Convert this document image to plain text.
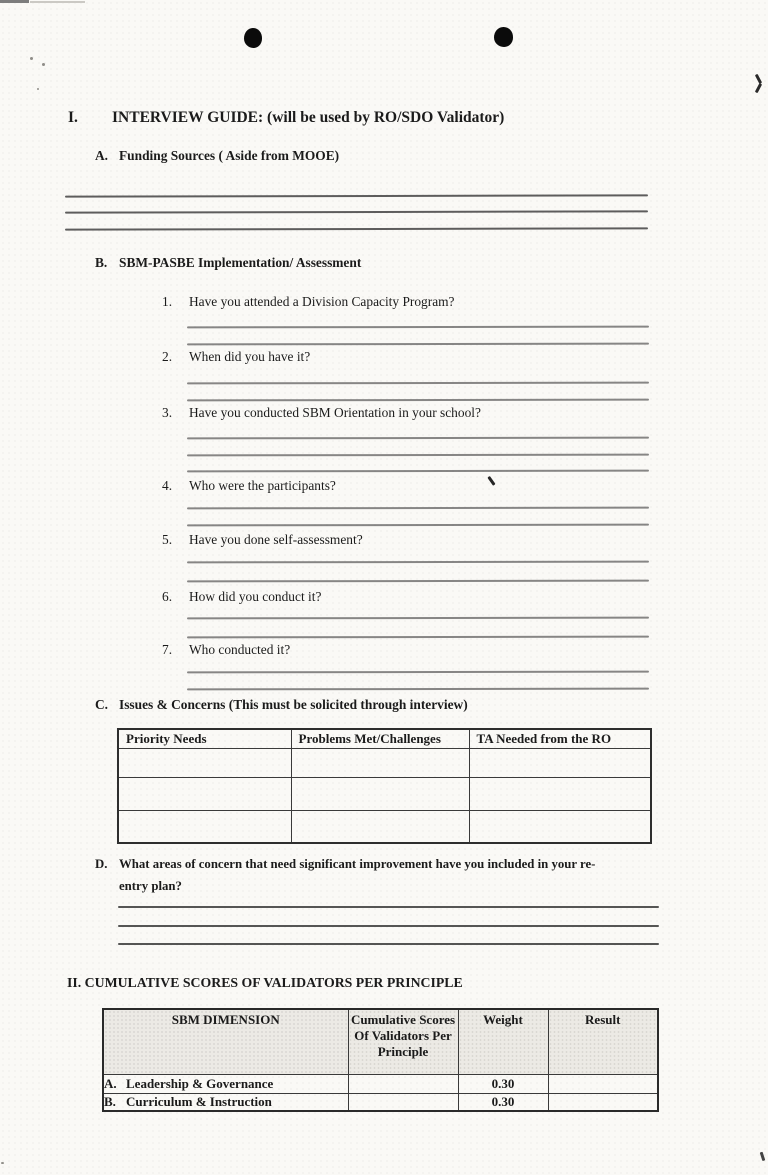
I. INTERVIEW GUIDE: (will be used by RO/SDO Validator)
A. Funding Sources ( Aside from MOOE)
B. SBM-PASBE Implementation/ Assessment
1. Have you attended a Division Capacity Program?
2. When did you have it?
3. Have you conducted SBM Orientation in your school?
4. Who were the participants?
5. Have you done self-assessment?
6. How did you conduct it?
7. Who conducted it?
C. Issues & Concerns (This must be solicited through interview)
Priority Needs	Problems Met/Challenges	TA Needed from the RO

D. What areas of concern that need significant improvement have you included in your re-
entry plan?
II. CUMULATIVE SCORES OF VALIDATORS PER PRINCIPLE
SBM DIMENSION	Cumulative Scores Of Validators Per Principle	Weight	Result
A. Leadership & Governance		0.30	
B. Curriculum & Instruction		0.30	
